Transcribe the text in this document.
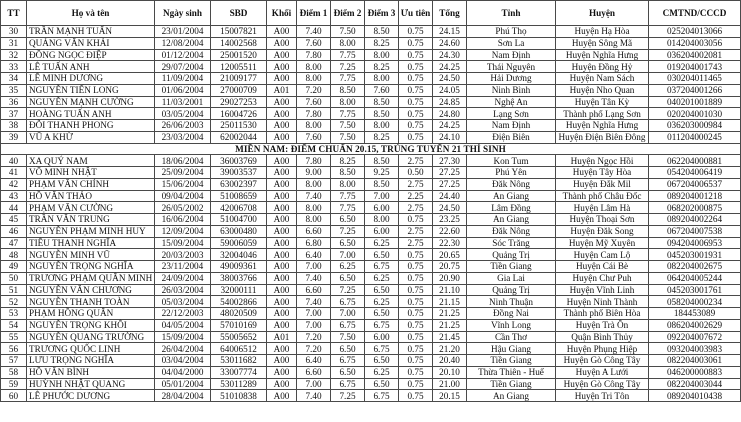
TT	Họ và tên	Ngày sinh	SBD	Khối	Điểm 1	Điểm 2	Điểm 3	Ưu tiên	Tổng	Tỉnh	Huyện	CMTND/CCCD
30	TRẦN MẠNH TUẤN	23/01/2004	15007821	A00	7.40	7.50	8.50	0.75	24.15	Phú Thọ	Huyện Hạ Hòa	025204013066
31	QUẢNG VĂN KHẢI	12/08/2004	14002568	A00	7.60	8.00	8.25	0.75	24.60	Sơn La	Huyện Sông Mã	014204003056
32	ĐỒNG NGỌC ĐIỆP	01/12/2004	25001520	A00	7.80	7.75	8.00	0.75	24.30	Nam Định	Huyện Nghĩa Hưng	036204002081
33	LÊ TUẤN ANH	29/07/2004	12005511	A00	8.00	7.25	8.25	0.75	24.25	Thái Nguyên	Huyện Đồng Hỷ	019204001743
34	LÊ MINH DƯƠNG	11/09/2004	21009177	A00	8.00	7.75	8.00	0.75	24.50	Hải Dương	Huyện Nam Sách	030204011465
35	NGUYỄN TIẾN LONG	01/06/2004	27000709	A01	7.20	8.50	7.60	0.75	24.05	Ninh Bình	Huyện Nho Quan	037204001266
36	NGUYỄN MẠNH CƯỜNG	11/03/2001	29027253	A00	7.60	8.00	8.50	0.75	24.85	Nghệ An	Huyện Tân Kỳ	040201001889
37	HOÀNG TUẤN ANH	03/05/2004	16004726	A00	7.80	7.75	8.50	0.75	24.80	Lạng Sơn	Thành phố Lạng Sơn	020204001030
38	ĐỖI THANH PHONG	26/06/2003	25011530	A00	8.00	7.50	8.00	0.75	24.25	Nam Định	Huyện Nghĩa Hưng	036203000984
39	VŨ A KHỪ	23/03/2004	62002044	A00	7.60	7.50	8.25	0.75	24.10	Điện Biên	Huyện Điện Biên Đông	011204000245
MIỀN NAM: ĐIỂM CHUẨN 20.15, TRÚNG TUYỂN 21 THÍ SINH												
40	XA QUÝ NAM	18/06/2004	36003769	A00	7.80	8.25	8.50	2.75	27.30	Kon Tum	Huyện Ngọc Hồi	062204000881
41	VÕ MINH NHẬT	25/09/2004	39003537	A00	9.00	8.50	9.25	0.50	27.25	Phú Yên	Huyện Tây Hòa	054204006419
42	PHẠM VĂN CHÍNH	15/06/2004	63002397	A00	8.00	8.00	8.50	2.75	27.25	Đăk Nông	Huyện Đắk Mil	067204006537
43	HỒ VĂN THẢO	09/04/2004	51008659	A00	7.40	7.75	7.00	2.25	24.40	An Giang	Thành phố Châu Đốc	089204001218
44	PHẠM VĂN CƯỜNG	26/05/2002	42006708	A00	8.00	7.75	6.00	2.75	24.50	Lâm Đồng	Huyện Lâm Hà	068202000875
45	TRẦN VĂN TRUNG	16/06/2004	51004700	A00	8.00	6.50	8.00	0.75	23.25	An Giang	Huyện Thoại Sơn	089204002264
46	NGUYỄN PHẠM MINH HUY	12/09/2004	63000480	A00	6.60	7.25	6.00	2.75	22.60	Đăk Nông	Huyện Đăk Song	067204007538
47	TIÊU THANH NGHĨA	15/09/2004	59006059	A00	6.80	6.50	6.25	2.75	22.30	Sóc Trăng	Huyện Mỹ Xuyên	094204006953
48	NGUYỄN MINH VŨ	20/03/2003	32004046	A00	6.40	7.00	6.50	0.75	20.65	Quảng Trị	Huyện Cam Lộ	045203001931
49	NGUYỄN TRỌNG NGHĨA	23/11/2004	49009361	A00	7.00	6.25	6.75	0.75	20.75	Tiền Giang	Huyện Cái Bè	082204002675
50	TRƯƠNG PHẠM QUÂN MINH	24/09/2004	38003766	A00	7.40	6.50	6.25	0.75	20.90	Gia Lai	Huyện Chư Puh	064204005244
51	NGUYỄN VĂN CHƯƠNG	26/03/2004	32000111	A00	6.60	7.25	6.50	0.75	21.10	Quảng Trị	Huyện Vĩnh Linh	045203001761
52	NGUYỄN THANH TOÀN	05/03/2004	54002866	A00	7.40	6.75	6.25	0.75	21.15	Ninh Thuận	Huyện Ninh Thành	058204000234
53	PHẠM HỒNG QUÂN	22/12/2003	48020509	A00	7.00	7.00	6.50	0.75	21.25	Đồng Nai	Thành phố Biên Hòa	184453089
54	NGUYỄN TRỌNG KHÔI	04/05/2004	57010169	A00	7.00	6.75	6.75	0.75	21.25	Vĩnh Long	Huyện Trà Ôn	086204002629
55	NGUYỄN QUANG TRƯỜNG	15/09/2004	55005652	A01	7.20	7.50	6.00	0.75	21.45	Cần Thơ	Quận Bình Thủy	092204007672
56	TRƯƠNG QUỐC LINH	26/04/2004	64006512	A00	7.20	6.50	6.75	0.75	21.20	Hậu Giang	Huyện Phụng Hiệp	093204003983
57	LƯU TRỌNG NGHĨA	03/04/2004	53011682	A00	6.40	6.75	6.50	0.75	20.40	Tiền Giang	Huyện Gò Công Tây	082204003061
58	HỒ VĂN BÌNH	04/04/2000	33007774	A00	6.60	6.50	6.25	0.75	20.10	Thừa Thiên - Huế	Huyện A Lưới	046200000883
59	HUỲNH NHẬT QUANG	05/01/2004	53011289	A00	7.00	6.75	6.50	0.75	21.00	Tiền Giang	Huyện Gò Công Tây	082204003044
60	LÊ PHƯỚC DƯƠNG	28/04/2004	51010838	A00	7.40	7.25	6.75	0.75	20.15	An Giang	Huyện Tri Tôn	089204010438
